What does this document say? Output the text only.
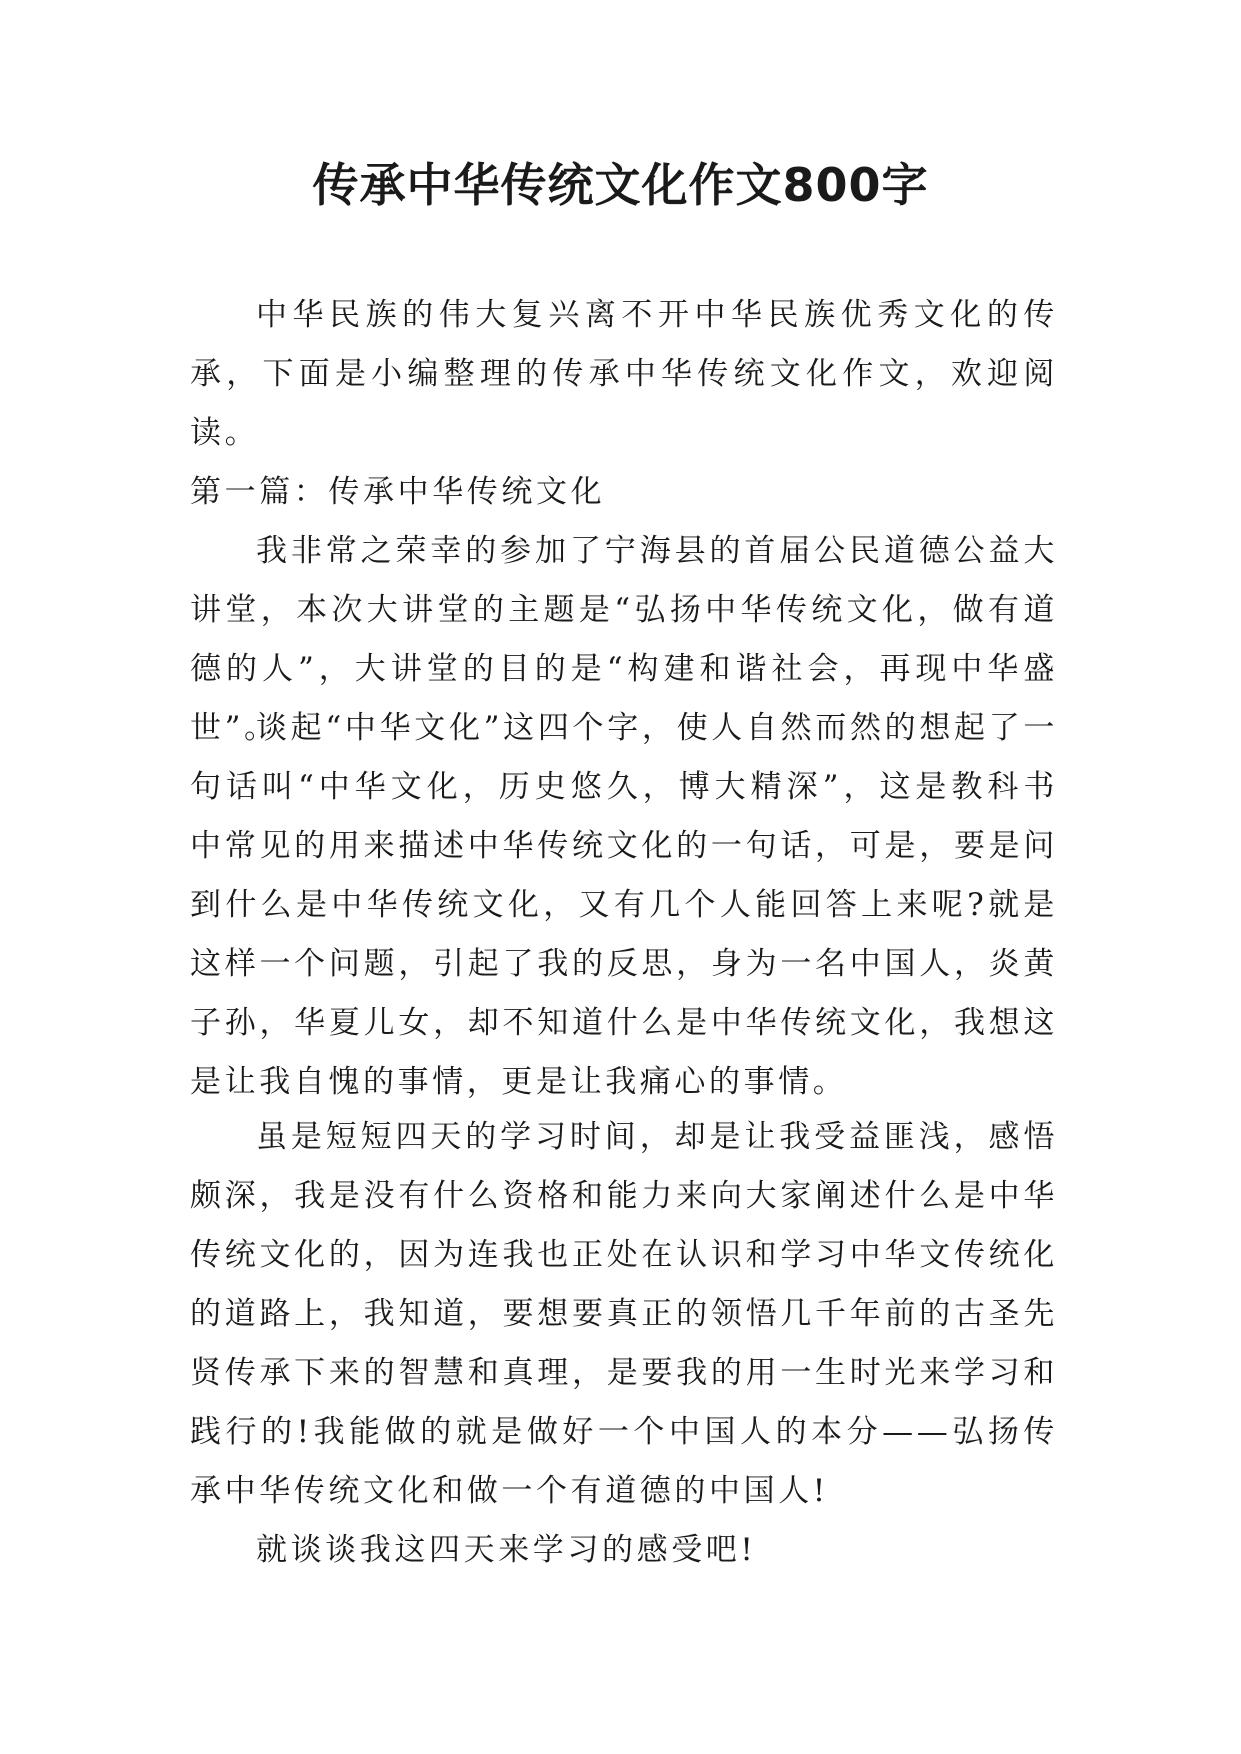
传承中华传统文化作文800字

中华民族的伟大复兴离不开中华民族优秀文化的传承，下面是小编整理的传承中华传统文化作文，欢迎阅读。

第一篇：传承中华传统文化

我非常之荣幸的参加了宁海县的首届公民道德公益大讲堂，本次大讲堂的主题是“弘扬中华传统文化，做有道德的人”，大讲堂的目的是“构建和谐社会，再现中华盛世”。

谈起“中华文化”这四个字，使人自然而然的想起了一句话叫“中华文化，历史悠久，博大精深”，这是教科书中常见的用来描述中华传统文化的一句话，可是，要是问到什么是中华传统文化，又有几个人能回答上来呢?就是这样一个问题，引起了我的反思，身为一名中国人，炎黄子孙，华夏儿女，却不知道什么是中华传统文化，我想这是让我自愧的事情，更是让我痛心的事情。

虽是短短四天的学习时间，却是让我受益匪浅，感悟颇深，我是没有什么资格和能力来向大家阐述什么是中华传统文化的，因为连我也正处在认识和学习中华文传统化的道路上，我知道，要想要真正的领悟几千年前的古圣先贤传承下来的智慧和真理，是要我的用一生时光来学习和践行的!我能做的就是做好一个中国人的本分——弘扬传承中华传统文化和做一个有道德的中国人!

就谈谈我这四天来学习的感受吧!
